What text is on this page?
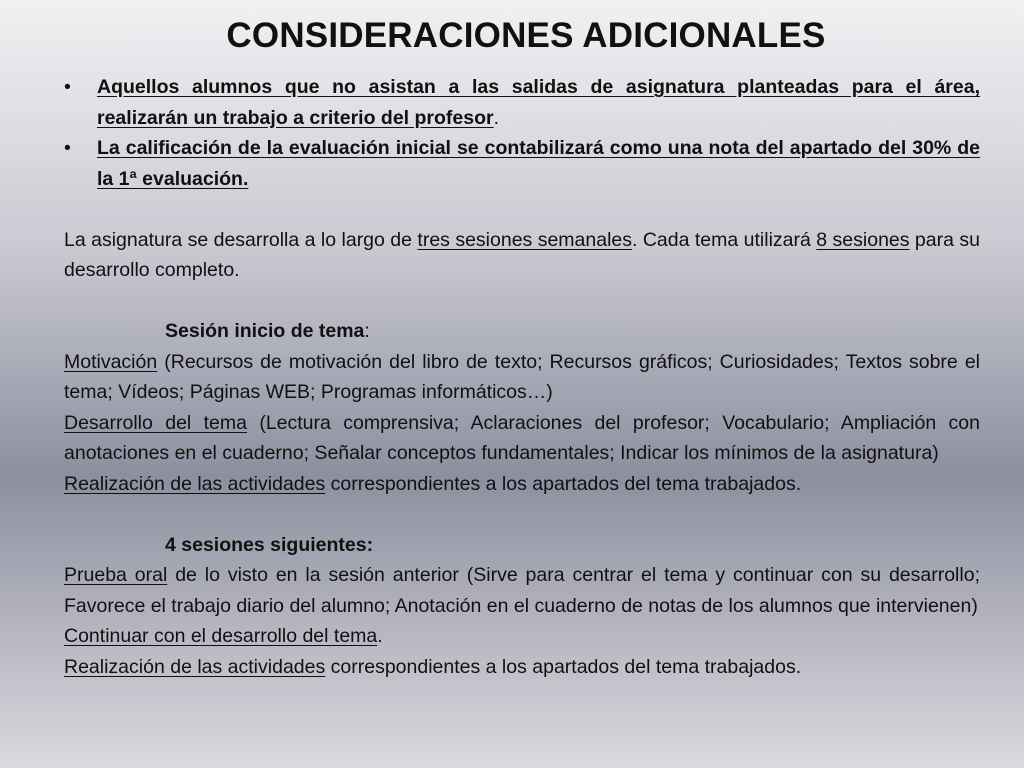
CONSIDERACIONES ADICIONALES
• Aquellos alumnos que no asistan a las salidas de asignatura planteadas para el área, realizarán un trabajo a criterio del profesor.
• La calificación de la evaluación inicial se contabilizará como una nota del apartado del 30% de la 1ª evaluación.

La asignatura se desarrolla a lo largo de tres sesiones semanales. Cada tema utilizará 8 sesiones para su desarrollo completo.

Sesión inicio de tema:

Motivación (Recursos de motivación del libro de texto; Recursos gráficos; Curiosidades; Textos sobre el tema; Vídeos; Páginas WEB; Programas informáticos…)

Desarrollo del tema (Lectura comprensiva; Aclaraciones del profesor; Vocabulario; Ampliación con anotaciones en el cuaderno; Señalar conceptos fundamentales; Indicar los mínimos de la asignatura)

Realización de las actividades correspondientes a los apartados del tema trabajados.

4 sesiones siguientes:

Prueba oral de lo visto en la sesión anterior (Sirve para centrar el tema y continuar con su desarrollo; Favorece el trabajo diario del alumno; Anotación en el cuaderno de notas de los alumnos que intervienen)

Continuar con el desarrollo del tema.

Realización de las actividades correspondientes a los apartados del tema trabajados.
